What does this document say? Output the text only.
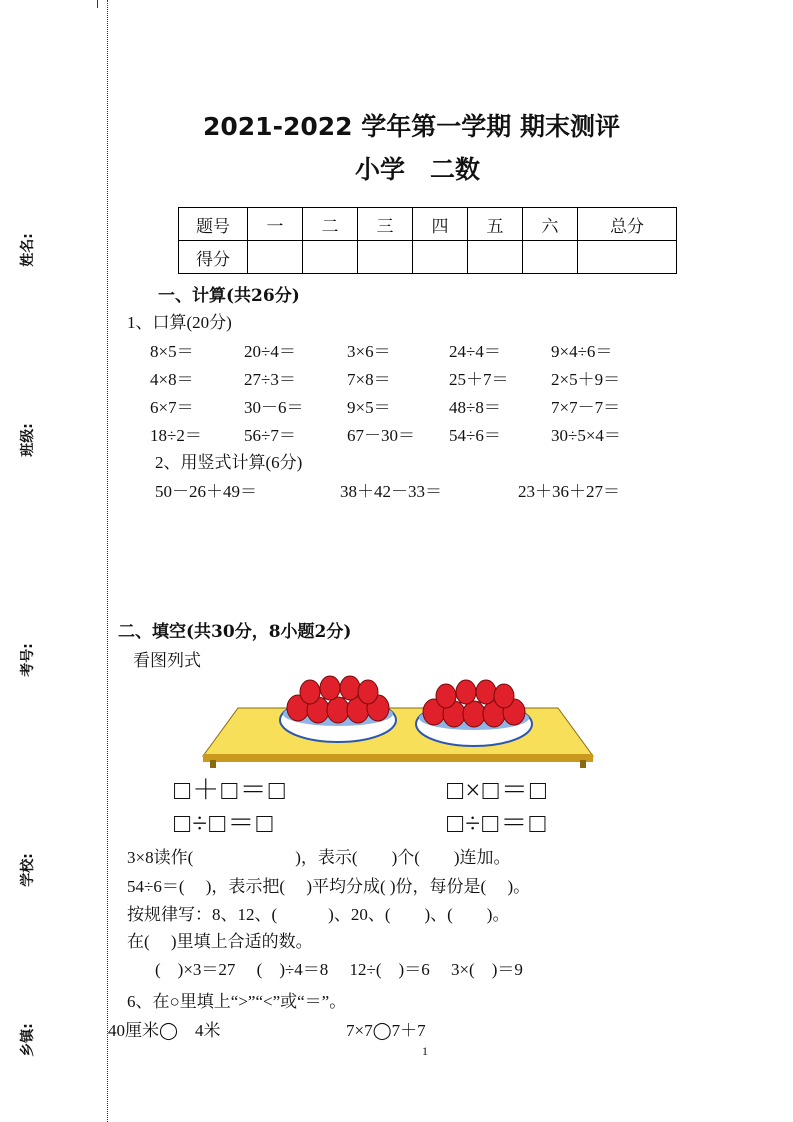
姓名:
班级:
考号:
学校:
乡镇:
2021-2022 学年第一学期 期末测评
小学　二数
题号	一	二	三	四	五	六	总分
得分							
一、计算(共26分)
1、口算(20分)
8×5＝	20÷4＝	3×6＝	24÷4＝	9×4÷6＝
4×8＝	27÷3＝	7×8＝	25＋7＝	2×5＋9＝
6×7＝	30－6＝	9×5＝	48÷8＝	7×7－7＝
18÷2＝ 56÷7＝	67－30＝ 54÷6＝	30÷5×4＝
2、用竖式计算(6分)
50－26＋49＝	38＋42－33＝	23＋36＋27＝
二、填空(共30分，8小题2分)
看图列式
□＋□＝□	□×□＝□
□÷□＝□	□÷□＝□
3×8读作(　　　　　　)，表示(　　)个(　　)连加。
54÷6＝(　 )，表示把(　 )平均分成( )份，每份是(　 )。
按规律写：8、12、(　　　)、20、(　　)、(　　)。
在(　 )里填上合适的数。
(　)×3＝27　 (　)÷4＝8　 12÷(　)＝6　 3×(　)＝9
6、在○里填上“>”“<”或“＝”。
40厘米◯　4米	7×7◯7＋7
1
